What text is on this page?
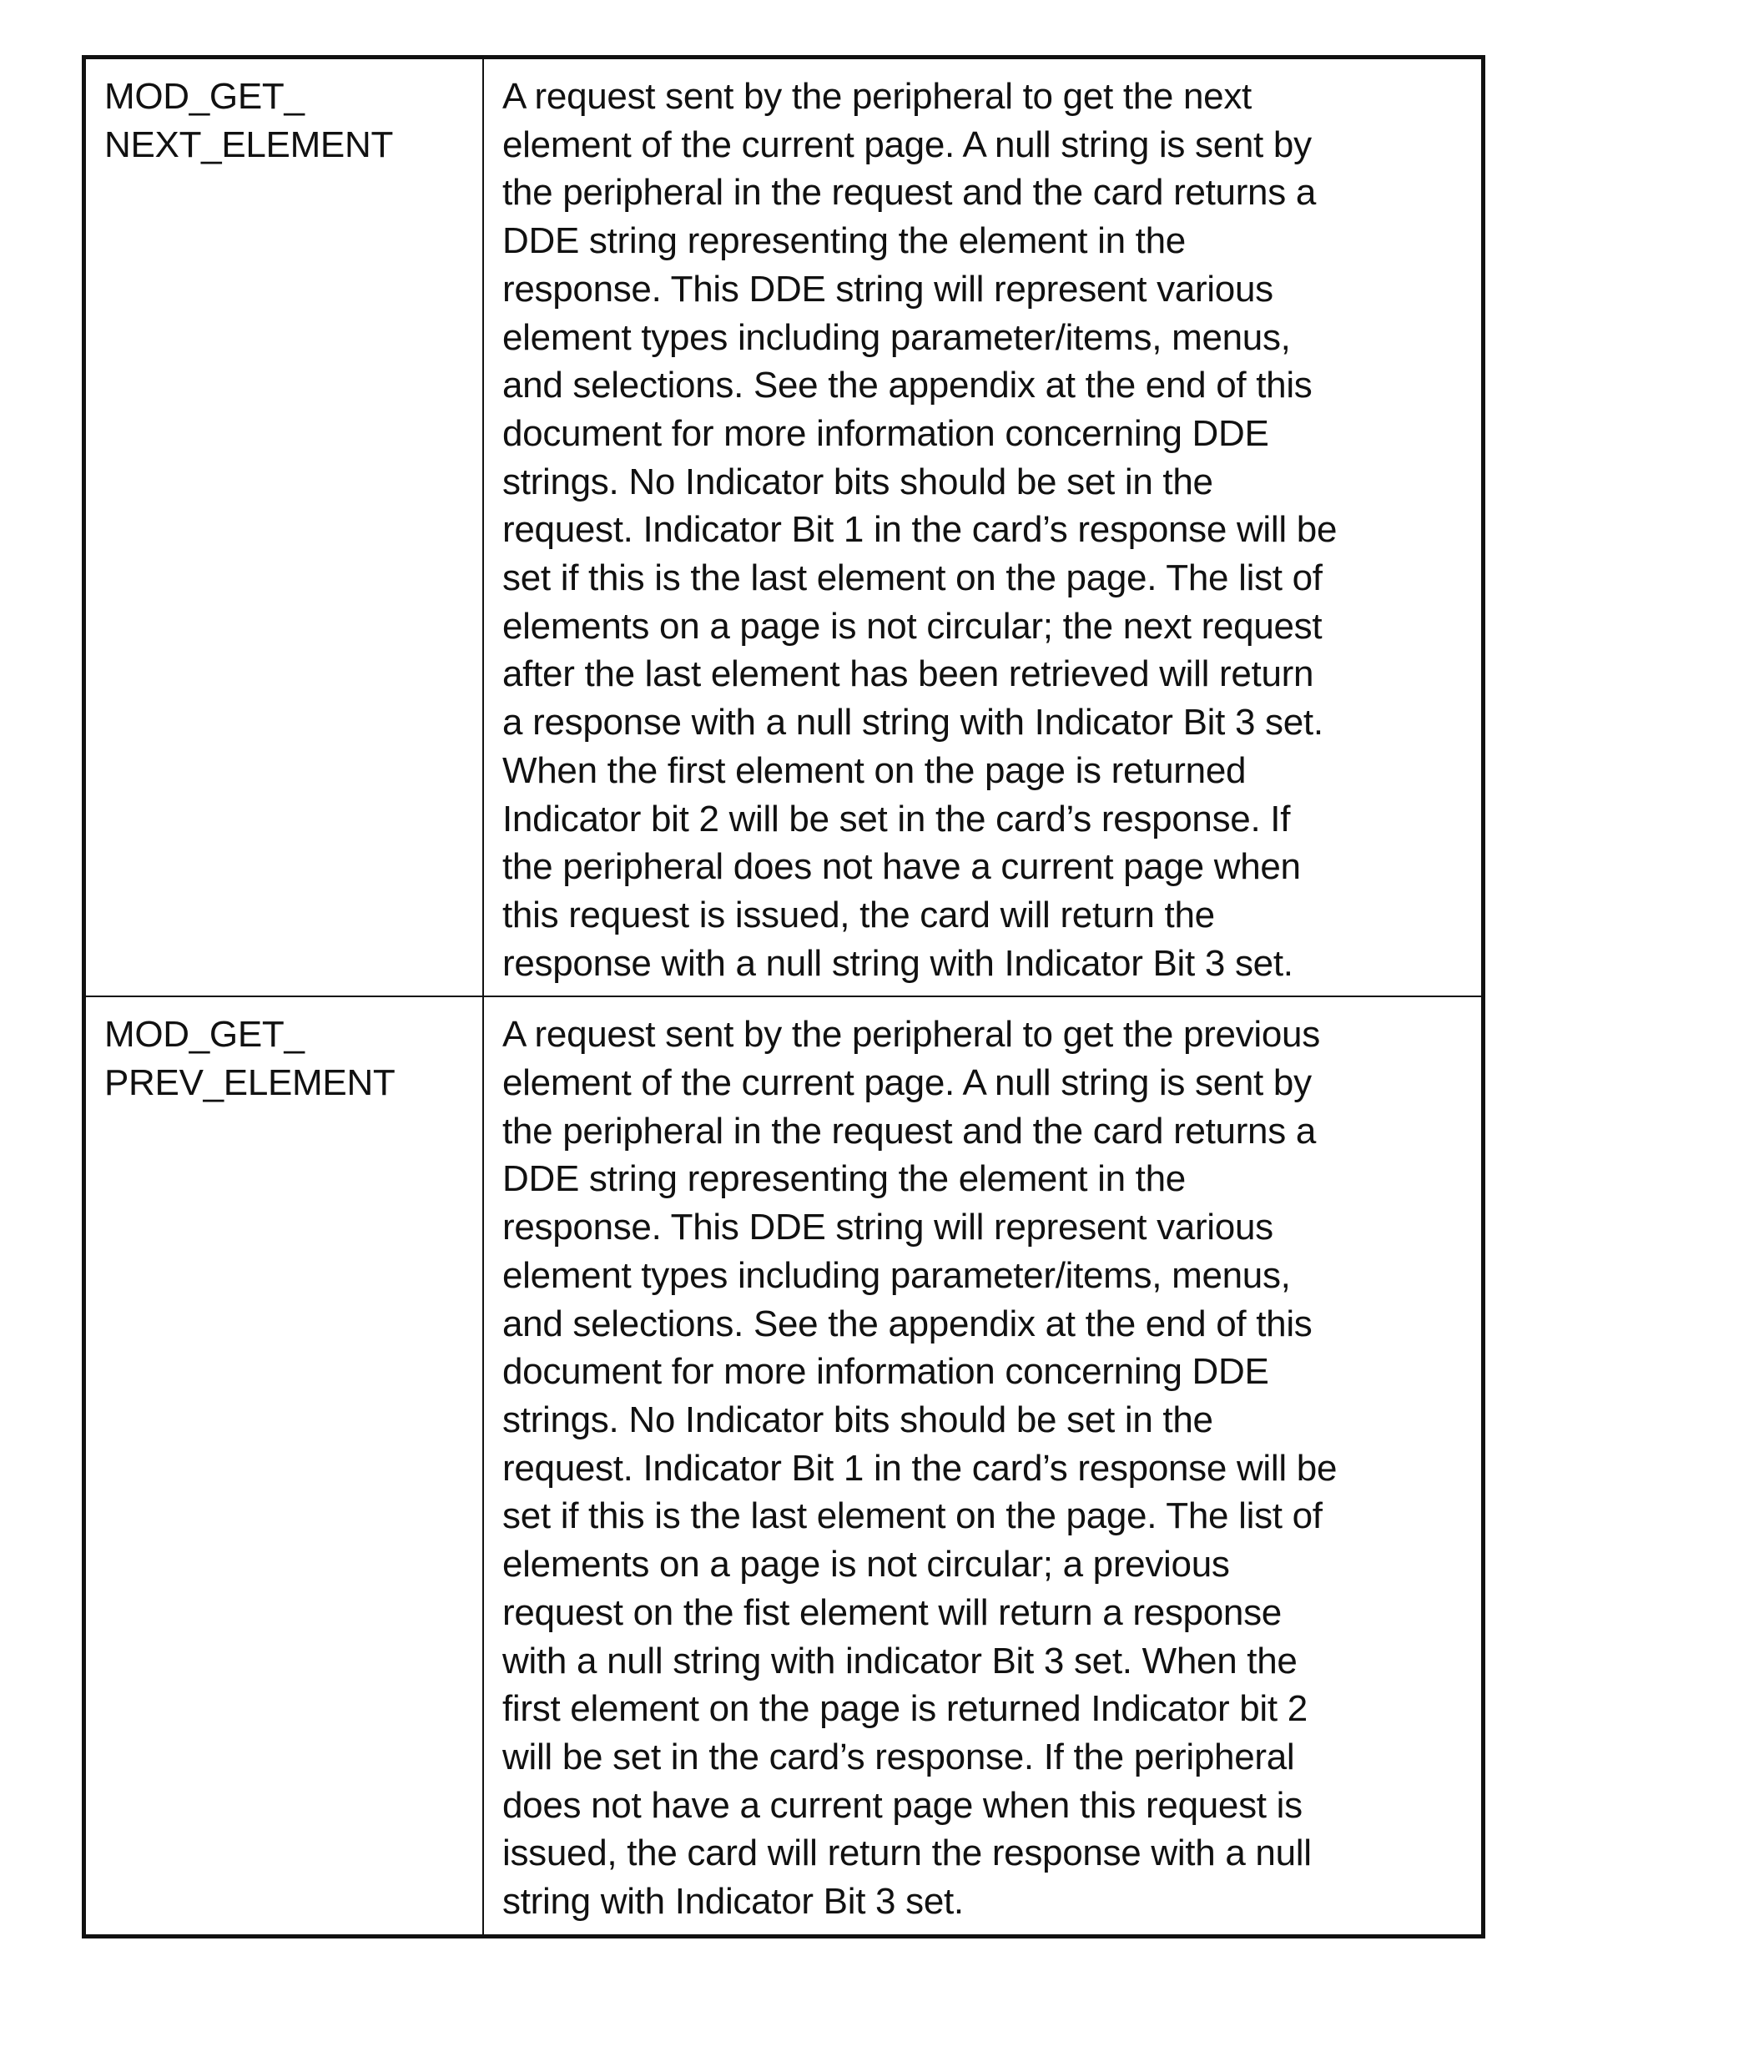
MOD_GET_
NEXT_ELEMENT

A request sent by the peripheral to get the next
element of the current page. A null string is sent by
the peripheral in the request and the card returns a
DDE string representing the element in the
response. This DDE string will represent various
element types including parameter/items, menus,
and selections. See the appendix at the end of this
document for more information concerning DDE
strings. No Indicator bits should be set in the
request. Indicator Bit 1 in the card’s response will be
set if this is the last element on the page. The list of
elements on a page is not circular; the next request
after the last element has been retrieved will return
a response with a null string with Indicator Bit 3 set.
When the first element on the page is returned
Indicator bit 2 will be set in the card’s response. If
the peripheral does not have a current page when
this request is issued, the card will return the
response with a null string with Indicator Bit 3 set.

MOD_GET_
PREV_ELEMENT

A request sent by the peripheral to get the previous
element of the current page. A null string is sent by
the peripheral in the request and the card returns a
DDE string representing the element in the
response. This DDE string will represent various
element types including parameter/items, menus,
and selections. See the appendix at the end of this
document for more information concerning DDE
strings. No Indicator bits should be set in the
request. Indicator Bit 1 in the card’s response will be
set if this is the last element on the page. The list of
elements on a page is not circular; a previous
request on the fist element will return a response
with a null string with indicator Bit 3 set. When the
first element on the page is returned Indicator bit 2
will be set in the card’s response. If the peripheral
does not have a current page when this request is
issued, the card will return the response with a null
string with Indicator Bit 3 set.
